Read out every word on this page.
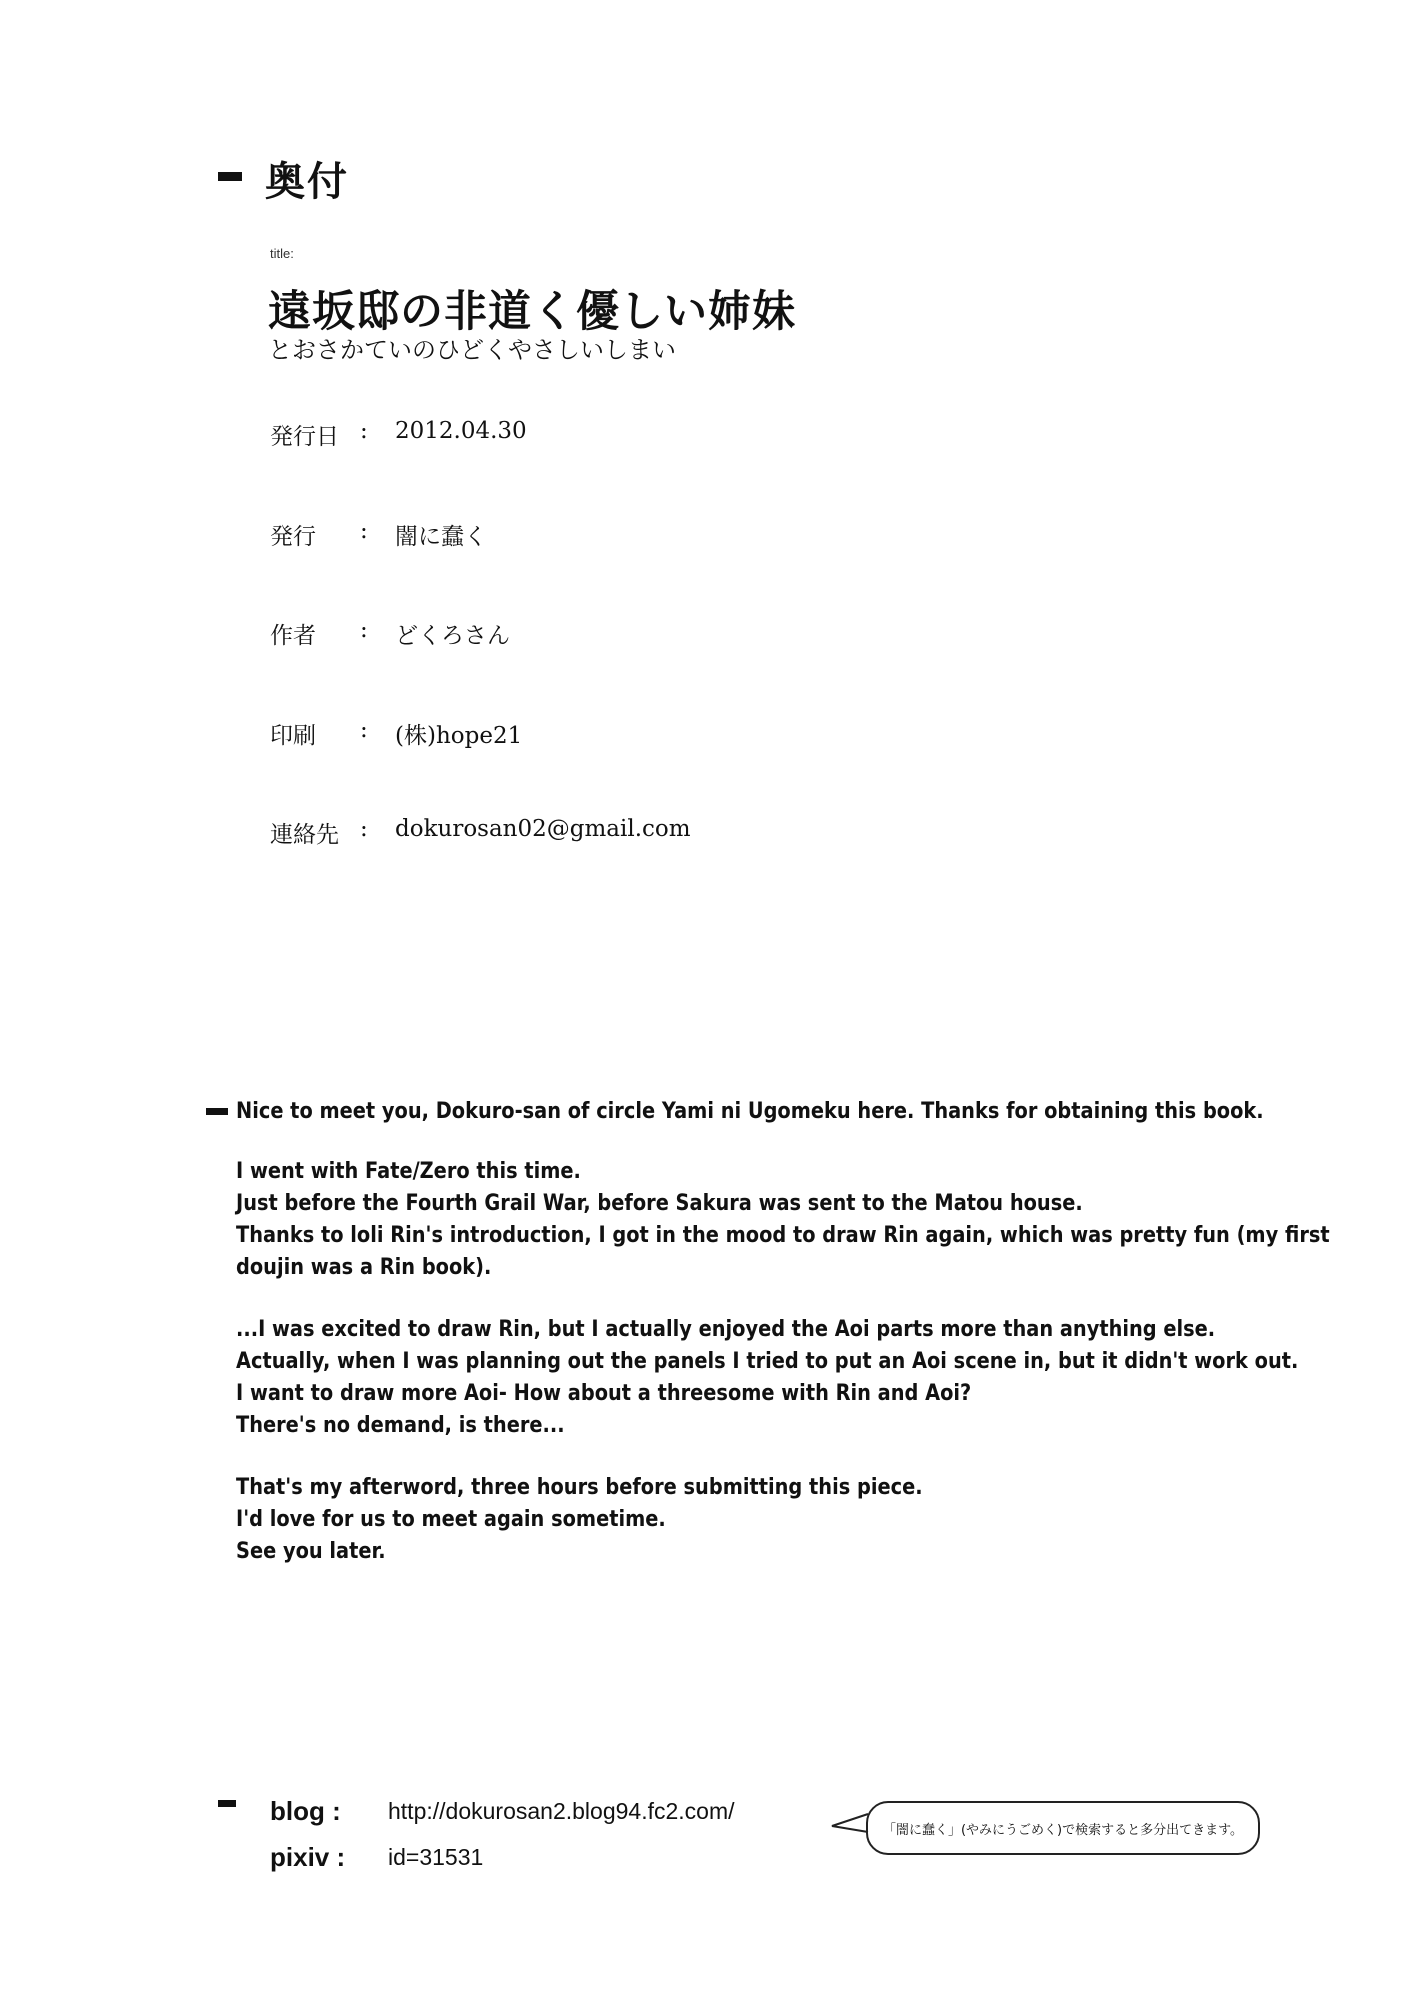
奥付
title:
遠坂邸の非道く優しい姉妹
とおさかていのひどくやさしいしまい
発行日 : 2012.04.30
発行 : 闇に蠢く
作者 : どくろさん
印刷 : (株)hope21
連絡先 : dokurosan02@gmail.com

Nice to meet you, Dokuro-san of circle Yami ni Ugomeku here. Thanks for obtaining this book.

I went with Fate/Zero this time.

Just before the Fourth Grail War, before Sakura was sent to the Matou house.

Thanks to loli Rin's introduction, I got in the mood to draw Rin again, which was pretty fun (my first

doujin was a Rin book).

...I was excited to draw Rin, but I actually enjoyed the Aoi parts more than anything else.

Actually, when I was planning out the panels I tried to put an Aoi scene in, but it didn't work out.

I want to draw more Aoi- How about a threesome with Rin and Aoi?

There's no demand, is there...

That's my afterword, three hours before submitting this piece.

I'd love for us to meet again sometime.

See you later.

blog : http://dokurosan2.blog94.fc2.com/
pixiv : id=31531
「闇に蠢く」(やみにうごめく)で検索すると多分出てきます。
